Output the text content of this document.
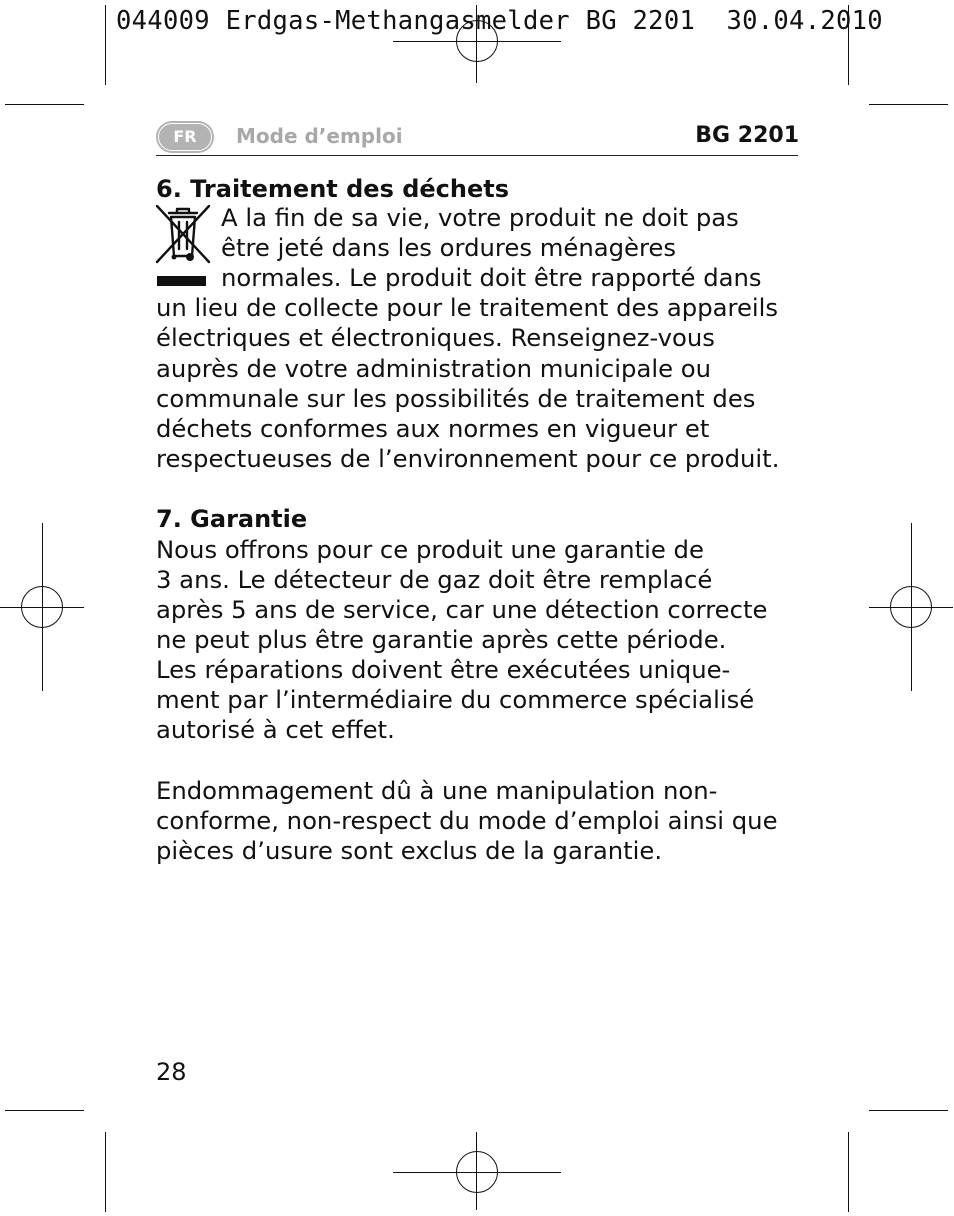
044009 Erdgas-Methangasmelder BG 2201  30.04.2010
FR	Mode d’emploi	BG 2201
6. Traitement des déchets
A la fin de sa vie, votre produit ne doit pas
être jeté dans les ordures ménagères
normales. Le produit doit être rapporté dans
un lieu de collecte pour le traitement des appareils
électriques et électroniques. Renseignez-vous
auprès de votre administration municipale ou
communale sur les possibilités de traitement des
déchets conformes aux normes en vigueur et
respectueuses de l’environnement pour ce produit.
7. Garantie
Nous offrons pour ce produit une garantie de
3 ans. Le détecteur de gaz doit être remplacé
après 5 ans de service, car une détection correcte
ne peut plus être garantie après cette période.
Les réparations doivent être exécutées unique-
ment par l’intermédiaire du commerce spécialisé
autorisé à cet effet.
Endommagement dû à une manipulation non-
conforme, non-respect du mode d’emploi ainsi que
pièces d’usure sont exclus de la garantie.
28
